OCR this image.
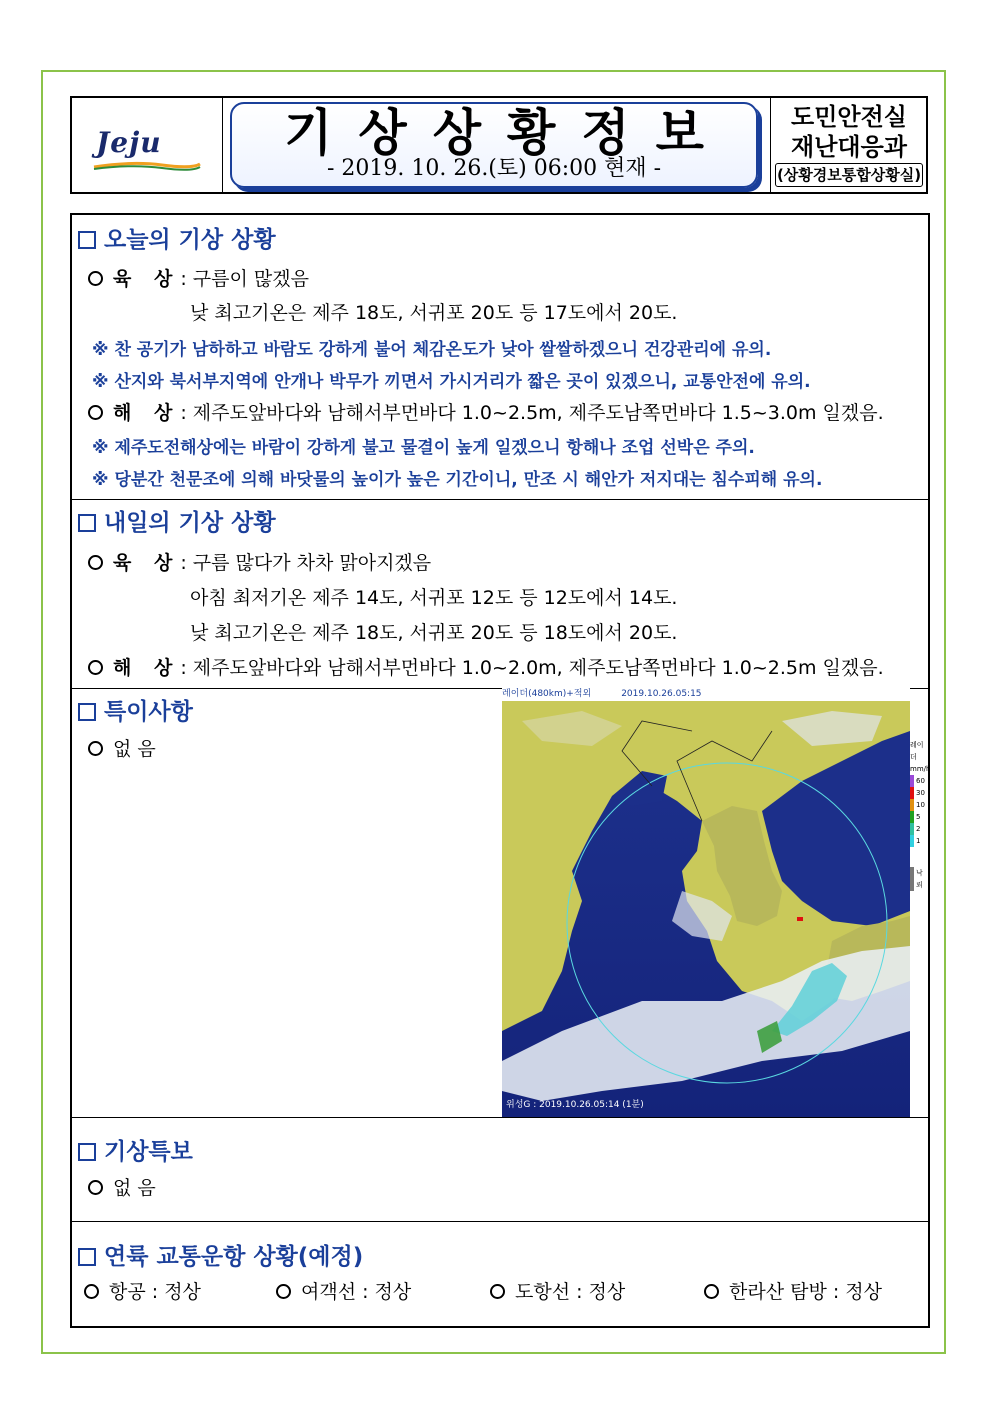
Jeju	기상상황정보
- 2019. 10. 26.(토) 06:00 현재 -
도민안전실
재난대응과
(상황경보통합상황실)
오늘의 기상 상황
육 상: 구름이 많겠음
낮 최고기온은 제주 18도, 서귀포 20도 등 17도에서 20도.
※ 찬 공기가 남하하고 바람도 강하게 불어 체감온도가 낮아 쌀쌀하겠으니 건강관리에 유의.
※ 산지와 북서부지역에 안개나 박무가 끼면서 가시거리가 짧은 곳이 있겠으니, 교통안전에 유의.
해 상: 제주도앞바다와 남해서부먼바다 1.0~2.5m, 제주도남쪽먼바다 1.5~3.0m 일겠음.
※ 제주도전해상에는 바람이 강하게 불고 물결이 높게 일겠으니 항해나 조업 선박은 주의.
※ 당분간 천문조에 의해 바닷물의 높이가 높은 기간이니, 만조 시 해안가 저지대는 침수피해 유의.
내일의 기상 상황
육 상: 구름 많다가 차차 맑아지겠음
아침 최저기온 제주 14도, 서귀포 12도 등 12도에서 14도.
낮 최고기온은 제주 18도, 서귀포 20도 등 18도에서 20도.
해 상: 제주도앞바다와 남해서부먼바다 1.0~2.0m, 제주도남쪽먼바다 1.0~2.5m 일겠음.
특이사항
없 음
레이더(480km)+적외	2019.10.26.05:15
위성G : 2019.10.26.05:14 (1분)
레이더
mm/h
60
30
10
5
2
1
낙뢰
기상특보
없 음
연륙 교통운항 상황(예정)
항공 : 정상	여객선 : 정상	도항선 : 정상	한라산 탐방 : 정상
